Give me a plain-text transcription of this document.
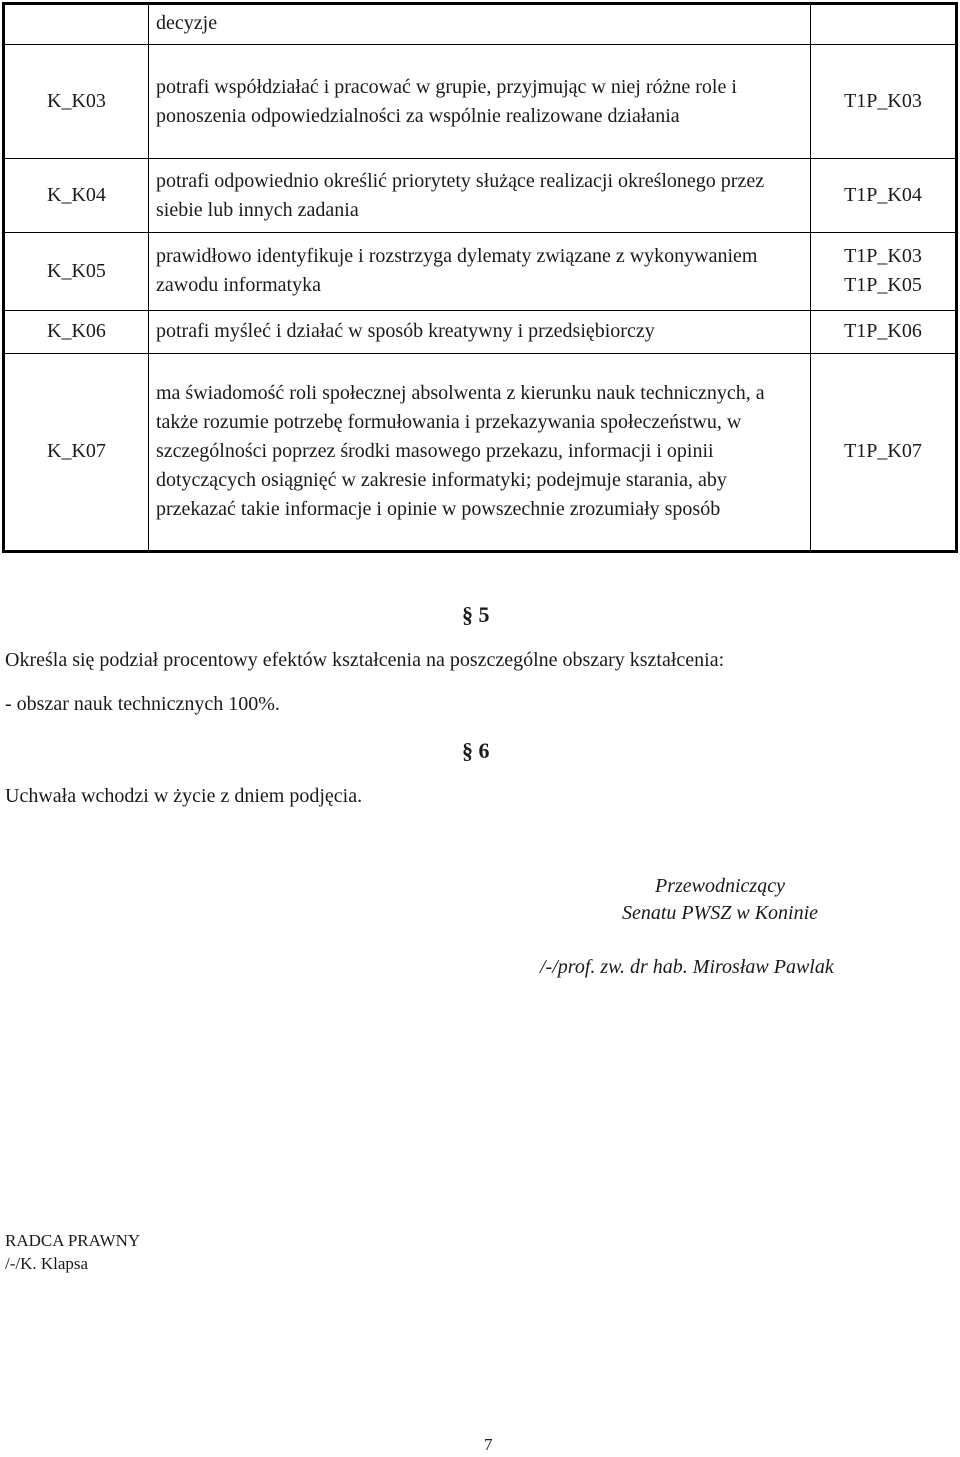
	decyzje	
K_K03	potrafi współdziałać i pracować w grupie, przyjmując w niej różne role i ponoszenia odpowiedzialności za wspólnie realizowane działania	T1P_K03

K_K04	potrafi odpowiednio określić priorytety służące realizacji określonego przez siebie lub innych zadania	T1P_K04

K_K05	prawidłowo identyfikuje i rozstrzyga dylematy związane z wykonywaniem zawodu informatyka	T1P_K03
T1P_K05

K_K06	potrafi myśleć i działać w sposób kreatywny i przedsiębiorczy	T1P_K06

K_K07	ma świadomość roli społecznej absolwenta z kierunku nauk technicznych, a także rozumie potrzebę formułowania i przekazywania społeczeństwu, w szczególności poprzez środki masowego przekazu, informacji i opinii dotyczących osiągnięć w zakresie informatyki; podejmuje starania, aby przekazać takie informacje i opinie w powszechnie zrozumiały sposób	T1P_K07
§ 5
Określa się podział procentowy efektów kształcenia na poszczególne obszary kształcenia:
- obszar nauk technicznych 100%.
§ 6
Uchwała wchodzi w życie z dniem podjęcia.
Przewodniczący
Senatu PWSZ w Koninie
/-/prof. zw. dr hab. Mirosław Pawlak
RADCA PRAWNY
/-/K. Klapsa
7
